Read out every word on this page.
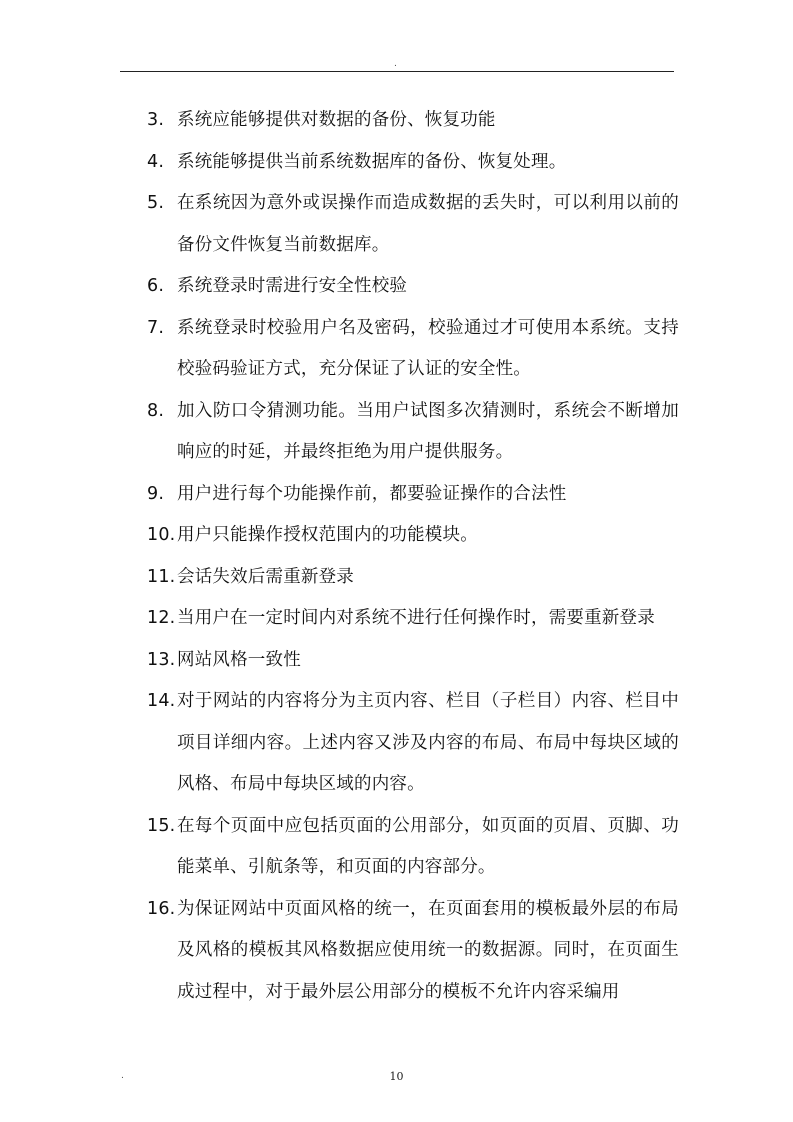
.
3. 系统应能够提供对数据的备份、恢复功能
4. 系统能够提供当前系统数据库的备份、恢复处理。
5. 在系统因为意外或误操作而造成数据的丢失时，可以利用以前的备份文件恢复当前数据库。
6. 系统登录时需进行安全性校验
7. 系统登录时校验用户名及密码，校验通过才可使用本系统。支持校验码验证方式，充分保证了认证的安全性。
8. 加入防口令猜测功能。当用户试图多次猜测时，系统会不断增加响应的时延，并最终拒绝为用户提供服务。
9. 用户进行每个功能操作前，都要验证操作的合法性
10. 用户只能操作授权范围内的功能模块。
11. 会话失效后需重新登录
12. 当用户在一定时间内对系统不进行任何操作时，需要重新登录
13. 网站风格一致性
14. 对于网站的内容将分为主页内容、栏目（子栏目）内容、栏目中项目详细内容。上述内容又涉及内容的布局、布局中每块区域的风格、布局中每块区域的内容。
15. 在每个页面中应包括页面的公用部分，如页面的页眉、页脚、功能菜单、引航条等，和页面的内容部分。
16. 为保证网站中页面风格的统一，在页面套用的模板最外层的布局及风格的模板其风格数据应使用统一的数据源。同时，在页面生成过程中，对于最外层公用部分的模板不允许内容采编用
.	10
